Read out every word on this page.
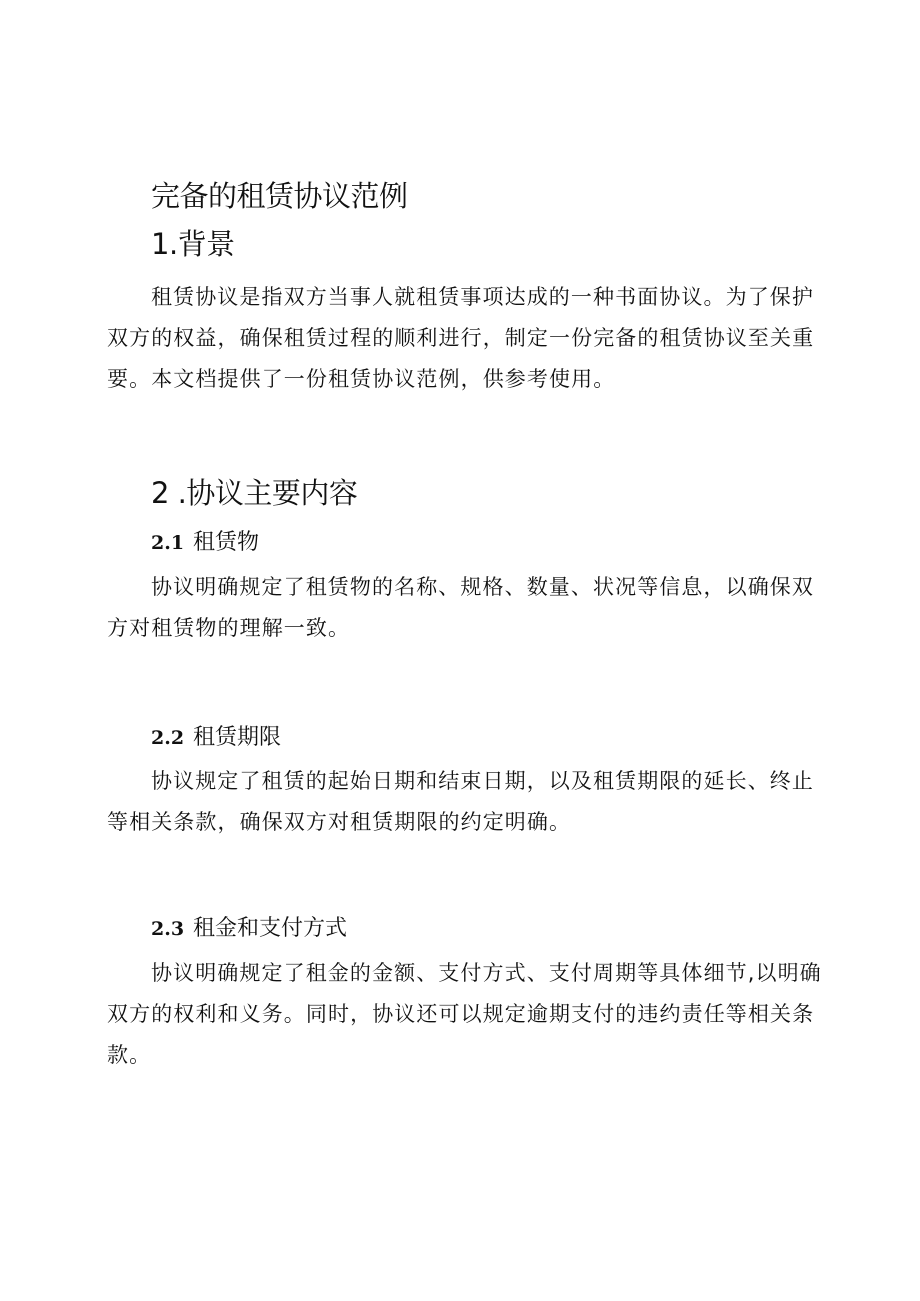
完备的租赁协议范例
1.背景
租赁协议是指双方当事人就租赁事项达成的一种书面协议。为了保护
双方的权益，确保租赁过程的顺利进行，制定一份完备的租赁协议至关重
要。本文档提供了一份租赁协议范例，供参考使用。
2 .协议主要内容
2.1 租赁物
协议明确规定了租赁物的名称、规格、数量、状况等信息，以确保双
方对租赁物的理解一致。
2.2 租赁期限
协议规定了租赁的起始日期和结束日期，以及租赁期限的延长、终止
等相关条款，确保双方对租赁期限的约定明确。
2.3 租金和支付方式
协议明确规定了租金的金额、支付方式、支付周期等具体细节,以明确
双方的权利和义务。同时，协议还可以规定逾期支付的违约责任等相关条
款。
